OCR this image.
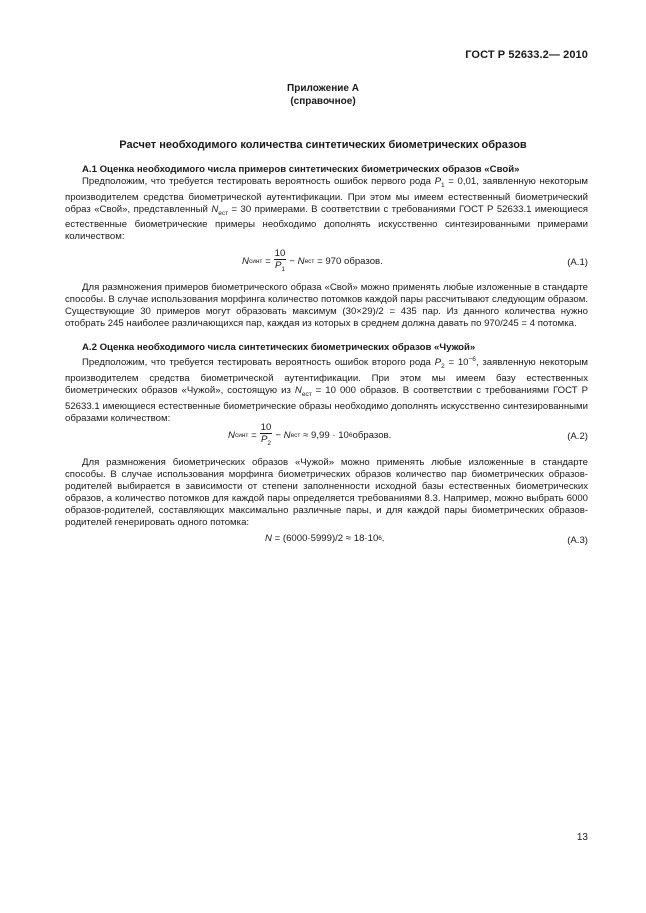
ГОСТ Р 52633.2— 2010
Приложение А
(справочное)
Расчет необходимого количества синтетических биометрических образов

А.1 Оценка необходимого числа примеров синтетических биометрических образов «Свой»

Предположим, что требуется тестировать вероятность ошибок первого рода $P_1 = 0,01$, заявленную некоторым производителем средства биометрической аутентификации. При этом мы имеем естественный биометрический образ «Свой», представленный $N_{ест} = 30$ примерами. В соответствии с требованиями ГОСТ Р 52633.1 имеющиеся естественные биометрические примеры необходимо дополнять искусственно синтезированными примерами количеством:

N синт
= $\frac{10}{P_1}$ −
N ест
= 970 образов.	(А.1)

Для размножения примеров биометрического образа «Свой» можно применять любые изложенные в стандарте способы. В случае использования морфинга количество потомков каждой пары рассчитывают следующим образом. Существующие 30 примеров могут образовать максимум (30×29)/2 = 435 пар. Из данного количества нужно отобрать 245 наиболее различающихся пар, каждая из которых в среднем должна давать по 970/245 = 4 потомка.

А.2 Оценка необходимого числа синтетических биометрических образов «Чужой»

Предположим, что требуется тестировать вероятность ошибок второго рода $P_2 = 10^{-6}$, заявленную некоторым производителем средства биометрической аутентификации. При этом мы имеем базу естественных биометрических образов «Чужой», состоящую из $N_{ест} = 10$ 000 образов. В соответствии с требованиями ГОСТ Р 52633.1 имеющиеся естественные биометрические образы необходимо дополнять искусственно синтезированными образами количеством:

N синт
= $\frac{10}{P_2}$ −
N ест
≈ 9,99 · 10 6 образов.	(А.2)

Для размножения биометрических образов «Чужой» можно применять любые изложенные в стандарте способы. В случае использования морфинга биометрических образов количество пар биометрических образов-родителей выбирается в зависимости от степени заполненности исходной базы естественных биометрических образов, а количество потомков для каждой пары определяется требованиями 8.3. Например, можно выбрать 6000 образов-родителей, составляющих максимально различные пары, и для каждой пары биометрических образов-родителей генерировать одного потомка:

N = (6000·5999)/2 ≈ 18·10 6 .	(А.3)
13
